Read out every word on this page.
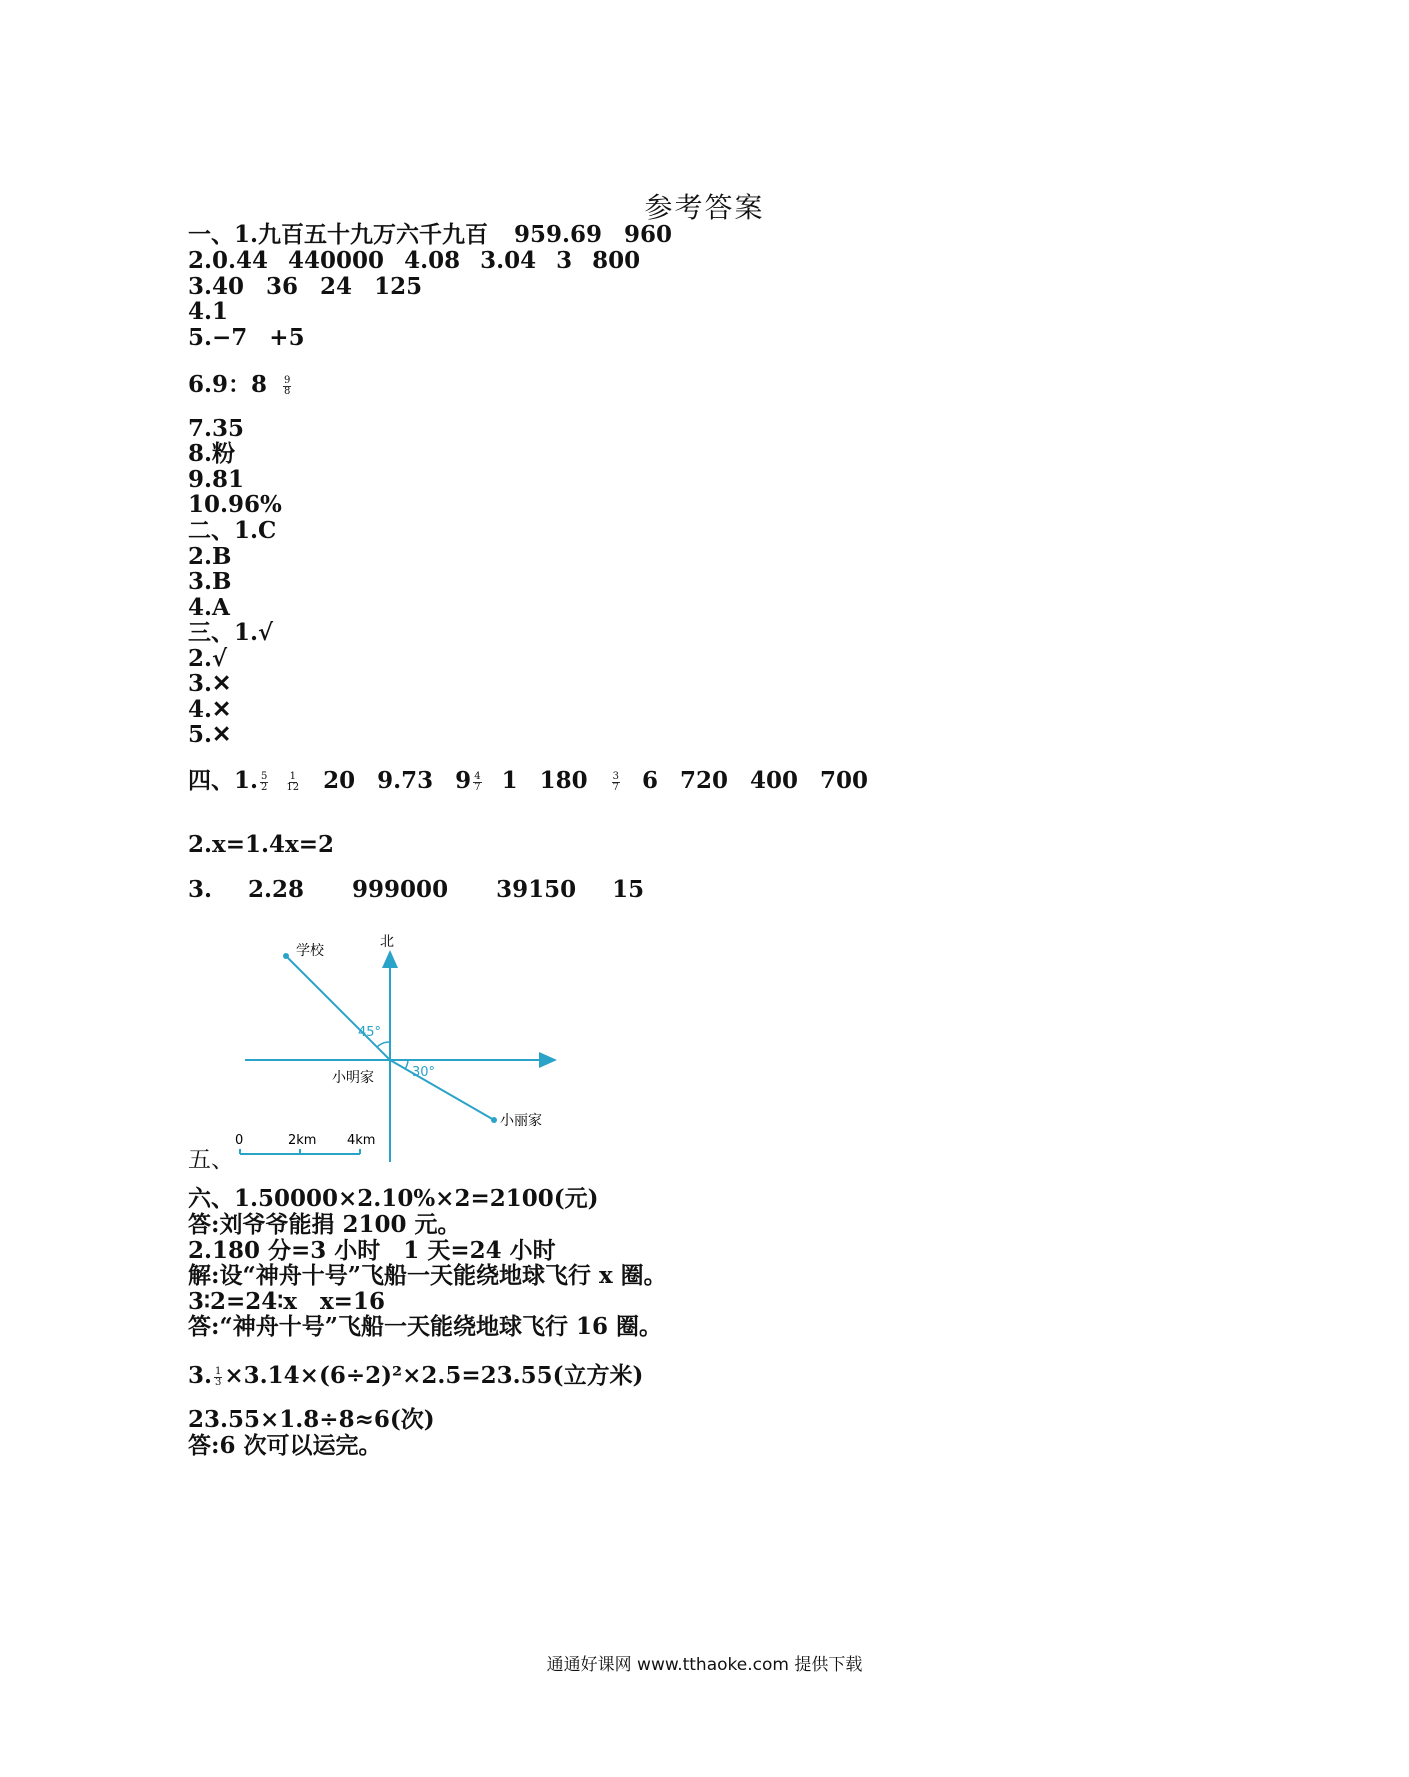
参考答案
一、1.九百五十九万六千九百 959.69 960
2.0.44 440000 4.08 3.04 3 800
3.40 36 24 125
4.1
5.−7 +5
6.9：$8 \frac{9}{8}$
7.35
8.粉
9.81
10.96%
二、1.C
2.B
3.B
4.A
三、1.√
2.√
3.✕
4.✕
5.✕
四、1. $\frac{5}{2} \frac{1}{12} 20$ 9.73 $9 \frac{4}{7} 1$ $180 \frac{3}{7} 6$ 720 400 700
2.x=1.4x=2
3. 2.28 999000 39150 15
五、
北
学校
45°
小丽家
30°
小明家
0	2km 4km
六、1.50000×2.10%×2=2100(元)
答:刘爷爷能捐 2100 元。
2.180 分=3 小时　1 天=24 小时
解:设“神舟十号”飞船一天能绕地球飞行 x 圈。
3∶2=24∶x　x=16
答:“神舟十号”飞船一天能绕地球飞行 16 圈。
3. $\frac{1}{3} \times 3.14\times(6\div 2)^2\times 2.5=23.55$(立方米)
23.55×1.8÷8≈6(次)
答:6 次可以运完。
通通好课网 www.tthaoke.com 提供下载
